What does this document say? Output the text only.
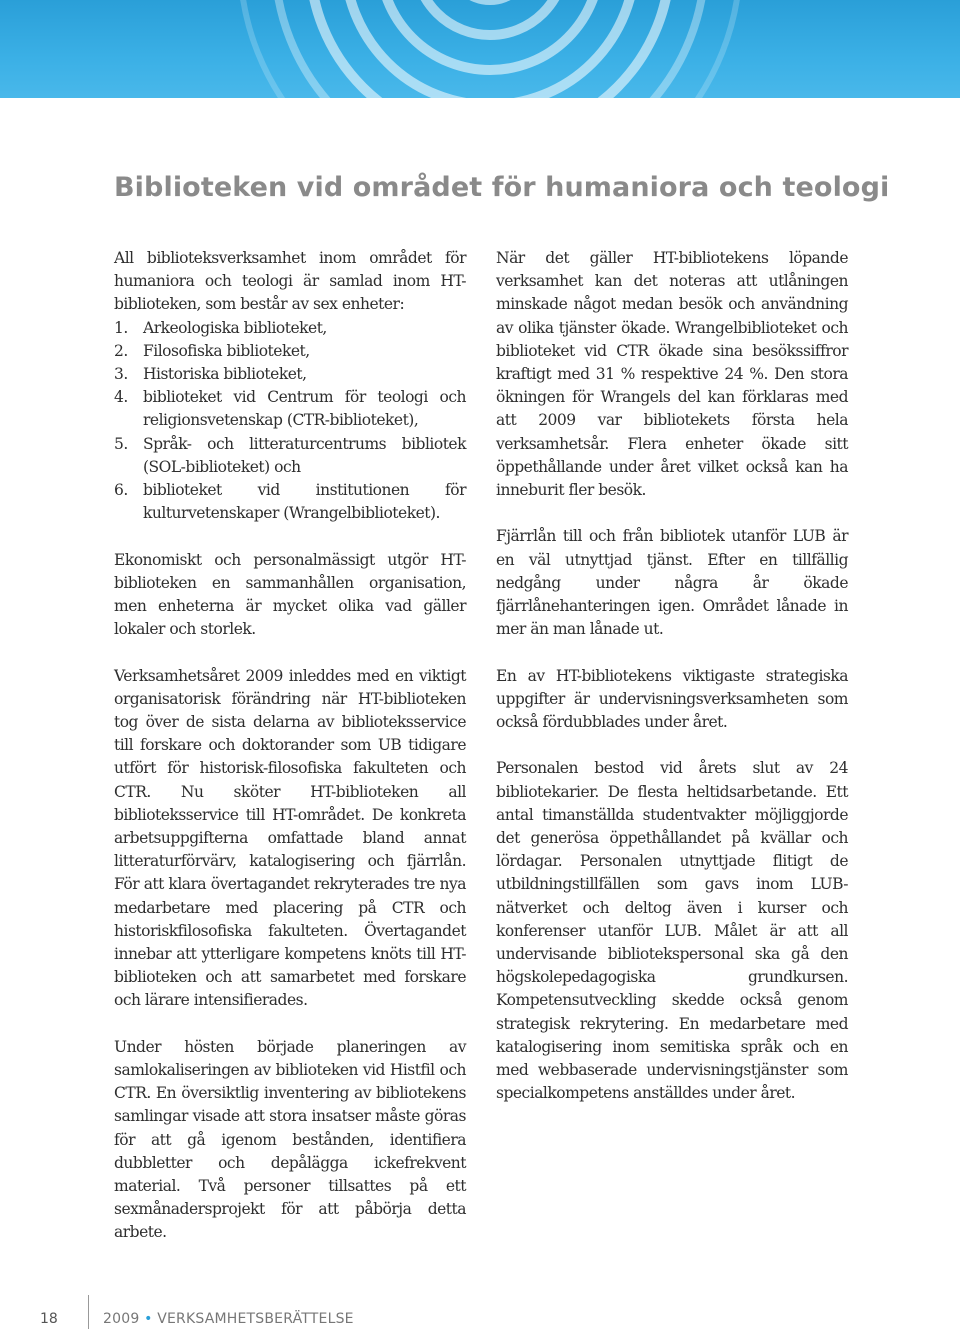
Biblioteken vid området för humaniora och teologi

All biblioteksverksamhet inom området för humaniora och teologi är samlad inom HT-biblioteken, som består av sex enheter:

1. Arkeologiska biblioteket,
2. Filosofiska biblioteket,
3. Historiska biblioteket,
4. biblioteket vid Centrum för teologi och religionsvetenskap (CTR-biblioteket),
5. Språk- och litteraturcentrums bibliotek (SOL-biblioteket) och
6. biblioteket vid institutionen för kulturvetenskaper (Wrangelbiblioteket).

Ekonomiskt och personalmässigt utgör HT-biblioteken en sammanhållen organisation, men enheterna är mycket olika vad gäller lokaler och storlek.

Verksamhetsåret 2009 inleddes med en viktigt organisatorisk förändring när HT-biblioteken tog över de sista delarna av biblioteksservice till forskare och doktorander som UB tidigare utfört för historisk-filosofiska fakulteten och CTR. Nu sköter HT-biblioteken all biblioteksservice till HT-området. De konkreta arbetsuppgifterna omfattade bland annat litteraturförvärv, katalogisering och fjärrlån. För att klara övertagandet rekryterades tre nya medarbetare med placering på CTR och historiskfilosofiska fakulteten. Övertagandet innebar att ytterligare kompetens knöts till HT-biblioteken och att samarbetet med forskare och lärare intensifierades.

Under hösten började planeringen av samlokaliseringen av biblioteken vid Histfil och CTR. En översiktlig inventering av bibliotekens samlingar visade att stora insatser måste göras för att gå igenom bestånden, identifiera dubbletter och depålägga ickefrekvent material. Två personer tillsattes på ett sexmånadersprojekt för att påbörja detta arbete.

När det gäller HT-bibliotekens löpande verksamhet kan det noteras att utlåningen minskade något medan besök och användning av olika tjänster ökade. Wrangelbiblioteket och biblioteket vid CTR ökade sina besökssiffror kraftigt med 31 % respektive 24 %. Den stora ökningen för Wrangels del kan förklaras med att 2009 var bibliotekets första hela verksamhetsår. Flera enheter ökade sitt öppethållande under året vilket också kan ha inneburit fler besök.

Fjärrlån till och från bibliotek utanför LUB är en väl utnyttjad tjänst. Efter en tillfällig nedgång under några år ökade fjärrlånehanteringen igen. Området lånade in mer än man lånade ut.

En av HT-bibliotekens viktigaste strategiska uppgifter är undervisningsverksamheten som också fördubblades under året.

Personalen bestod vid årets slut av 24 bibliotekarier. De flesta heltidsarbetande. Ett antal timanställda studentvakter möjliggjorde det generösa öppethållandet på kvällar och lördagar. Personalen utnyttjade flitigt de utbildningstillfällen som gavs inom LUB-nätverket och deltog även i kurser och konferenser utanför LUB. Målet är att all undervisande bibliotekspersonal ska gå den högskolepedagogiska grundkursen. Kompetensutveckling skedde också genom strategisk rekrytering. En medarbetare med katalogisering inom semitiska språk och en med webbaserade undervisningstjänster som specialkompetens anställdes under året.

18	2009 • VERKSAMHETSBERÄTTELSE
